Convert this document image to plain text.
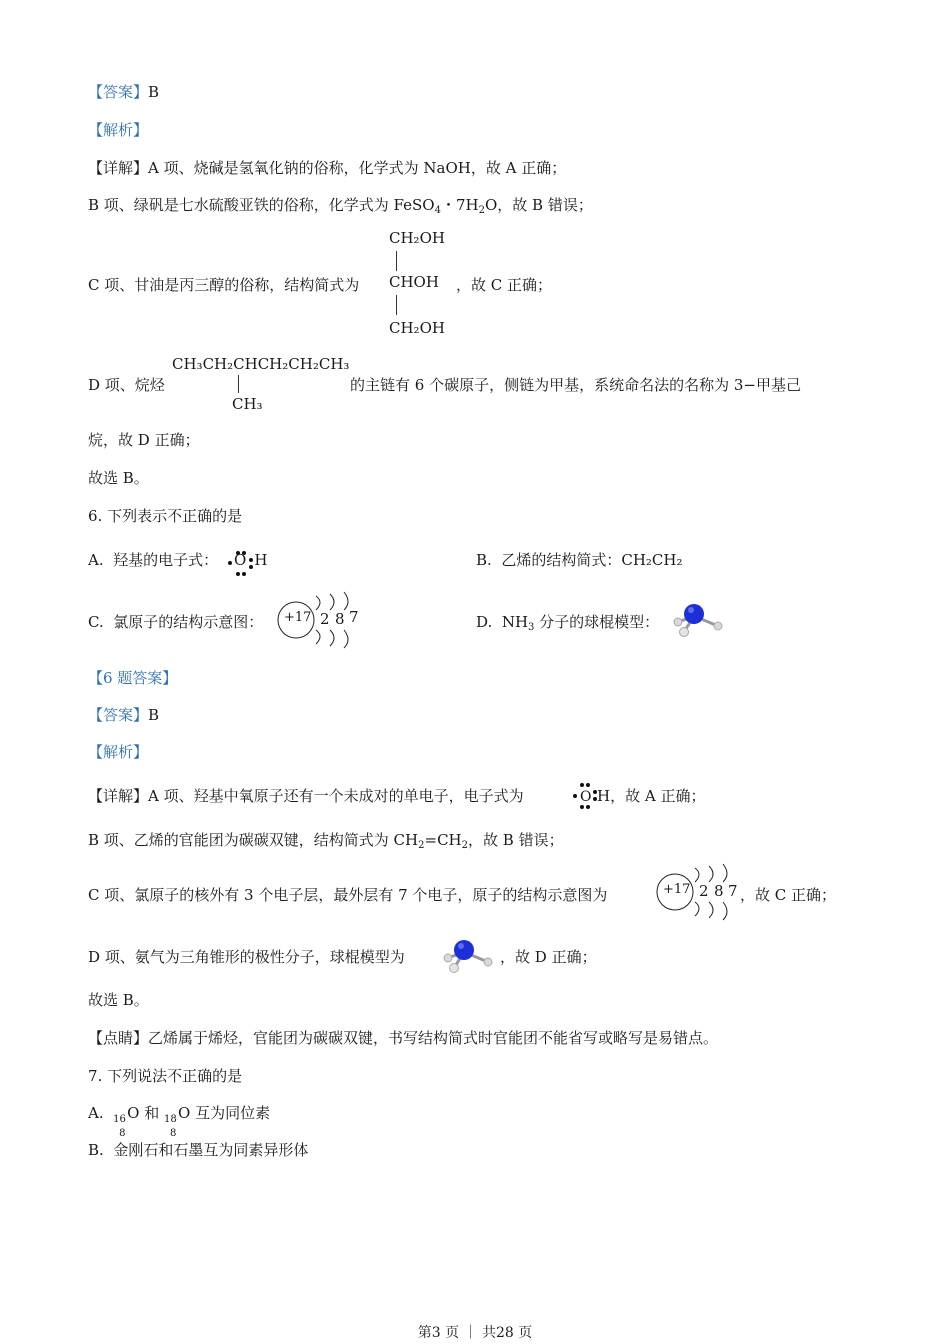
【答案】B
【解析】
【详解】A 项、烧碱是氢氧化钠的俗称，化学式为 NaOH，故 A 正确；
B 项、绿矾是七水硫酸亚铁的俗称，化学式为 FeSO$_4$・$7H_2O$，故 B 错误；
CH₂OH
CHOH
CH₂OH
C 项、甘油是丙三醇的俗称，结构简式为	，故 C 正确；
CH₃CH₂CHCH₂CH₂CH₃
CH₃
D 项、烷烃	的主链有 6 个碳原子，侧链为甲基，系统命名法的名称为 3−甲基己
烷，故 D 正确；
故选 B。
6. 下列表示不正确的是
A. 羟基的电子式： O H	B. 乙烯的结构简式：CH₂CH₂
C. 氯原子的结构示意图： +17 2 8 7	D. $NH_3$ 分子的球棍模型：
【6 题答案】
【答案】B
【解析】
【详解】A 项、羟基中氧原子还有一个未成对的单电子，电子式为	O H，故 A 正确；
B 项、乙烯的官能团为碳碳双键，结构简式为 $CH_2=CH_2$，故 B 错误；
C 项、氯原子的核外有 3 个电子层，最外层有 7 个电子，原子的结构示意图为	+17 2 8 7 ，故 C 正确；
D 项、氨气为三角锥形的极性分子，球棍模型为	，故 D 正确；
故选 B。
【点睛】乙烯属于烯烃，官能团为碳碳双键，书写结构简式时官能团不能省写或略写是易错点。
7. 下列说法不正确的是
A. 16
8
O 和 18
8
O 互为同位素
B. 金刚石和石墨互为同素异形体
第3 页 ｜ 共28 页
